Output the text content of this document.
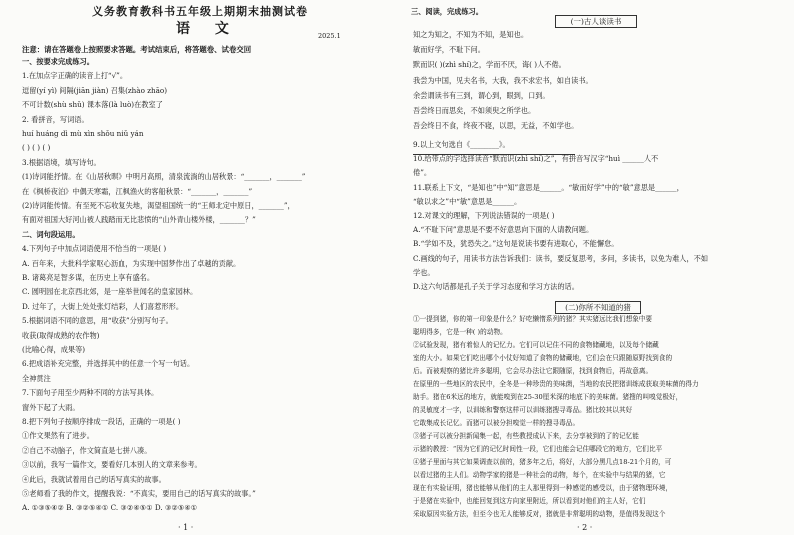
义务教育教科书五年级上期期末抽测试卷
语 文	2025.1
注意：请在答题卷上按照要求答题。考试结束后，将答题卷、试卷交回
一、按要求完成练习。
1.在加点字正确的读音上打“√”。
逗留(yí yì) 间隔(jiān jiàn) 召集(zhào zhāo)
不可计数(shù shǔ) 课本落(là luò)在教室了
2. 看拼音，写词语。
huí huáng dì mù xìn shǒu niǔ yán
( ) ( ) ( )
3.根据语境，填写诗句。
(1)诗词能抒情。在《山居秋暝》中明月高照，清泉流淌的山居秋景：“_______，_______”
在《枫桥夜泊》中偶天寒霜，江枫渔火的客船秋景：“_______，_______”
(2)诗词能传情。有至死不忘收复失地，渴望祖国统一的“王师北定中原日，_______”，
有面对祖国大好河山被人践踏而无比悲愤的“山外青山楼外楼，_______？”
二、词句段运用。
4.下列句子中加点词语使用不恰当的一项是( )
A. 百年来，大批科学家呕心沥血，为实现中国梦作出了卓越的贡献。
B. 诸葛亮足智多谋，在历史上享有盛名。
C. 圆明园在北京西北郊，是一座举世闻名的皇家园林。
D. 过年了，大街上处处张灯结彩，人们喜惹形形。
5.根据词语不同的意思，用“收获”分别写句子。
收获(取得成熟的农作物)
(比喻心得，成果等)
6.把成语补充完整，并选择其中的任意一个写一句话。
全神贯注
7.下面句子用至少两种不同的方法写具体。
窗外下起了大雨。
8.把下列句子按顺序排成一段话，正确的一项是( )
①作文果然有了进步。
②自己不动脑子，作文简直是七拼八凑。
③以前，我写一篇作文，要看好几本别人的文章来参考。
④此后，我就试着用自己的话写真实的故事。
⑤老师看了我的作文，提醒我说：“不真实，要用自己的话写真实的故事。”
A. ①③⑤④② B. ③②⑤④① C. ③②④⑤① D. ③②⑤④①
· 1 ·
三、阅读，完成练习。
(一)古人谈读书
知之为知之，不知为不知，是知也。
敏而好学，不耻下问。
默而识( )(zhì shí)之，学而不厌，诲( )人不倦。
我尝为中国，见夫名书，大我，我不求宏书，如自读书。
余尝谓读书有三到，谓心到，眼到，口到。
吾尝终日而思矣，不如须臾之所学也。
吾会终日不食，终夜不寝，以思，无益，不如学也。
9.以上文句选自《________》。
10.给带点的字选择读音“默而识(zhì shí)之”，有拼音写汉字“huì ______人不
倦”。
11.联系上下文，“是知也”中“知”意思是______。“敏而好学”中的“敏”意思是______，
“敏以求之”中“敏”意思是______。
12.对课文的理解，下列说法错误的一项是( )
A.“不耻下问”意思是不要不好意思向下面的人请教问题。
B.“学如不及，犹恐失之。”这句是说读书要有进取心，不能懈怠。
C.画线的句子，用读书方法告诉我们：读书，要反复思考，多问，多读书，以免为难人，不如
学也。
D.这六句话都是孔子关于学习态度和学习方法的话。
(二)你所不知道的猪
①一提到猪，你的第一印象是什么？好吃懒惰系列的猪？其实猪远比我们想象中要
聪明得多，它是一种( )的动物。
②试验发现，猪有着惊人的记忆力。它们可以记住不同的食物储藏地，以及每个储藏
室的大小。如果它们吃出哪个小仗好知道了食物的储藏地，它们会在只跟随原野找到食的
后。而被观察的猪比许多聪明，它会尽办法让它跟随原，找到食物后，再故意离。
在原里的一些地区的农民中，全冬是一种珍贵的美味菌，当地的农民把猪训练成获取美味菌的得力
助手。猪在6米远的地方，就能嗅到在25-30厘米深的地底下的美味菌。猪搜的叫嗅觉极好，
的灵敏度才一字，以训练和警察这样可以训练猪搜寻毒品。猪比较其以其好
它敢集成长记忆。而猪可以被分担嗅觉一样的搜寻毒品。
③猪子可以被分担新闻集一起，有些教授成认下来，去分享被到的了的记忆能
示猪的教授：“因为它们的记忆时间性一段，它们也能会记住哪段它的地方，它们比平
④猪子里面与其它如果调查以前的，猪多年之后，将好，大部分黑几点18-21个月的，可
以看过猪的主人们。动物学家的猪是一种社会的动物，每个，在实验中与结果的猪，它
现在有实验证明，猪也能够从他们的主人那里得到一种感觉的感受以，由于猪物理环境，
于是猪在实验中，也能回复到这方向家里附近，所以看到对他们的主人好，它们
采取原因实验方法，但至今也无人能够反对，猪就是非常聪明的动物，是值得发现这个
· 2 ·
